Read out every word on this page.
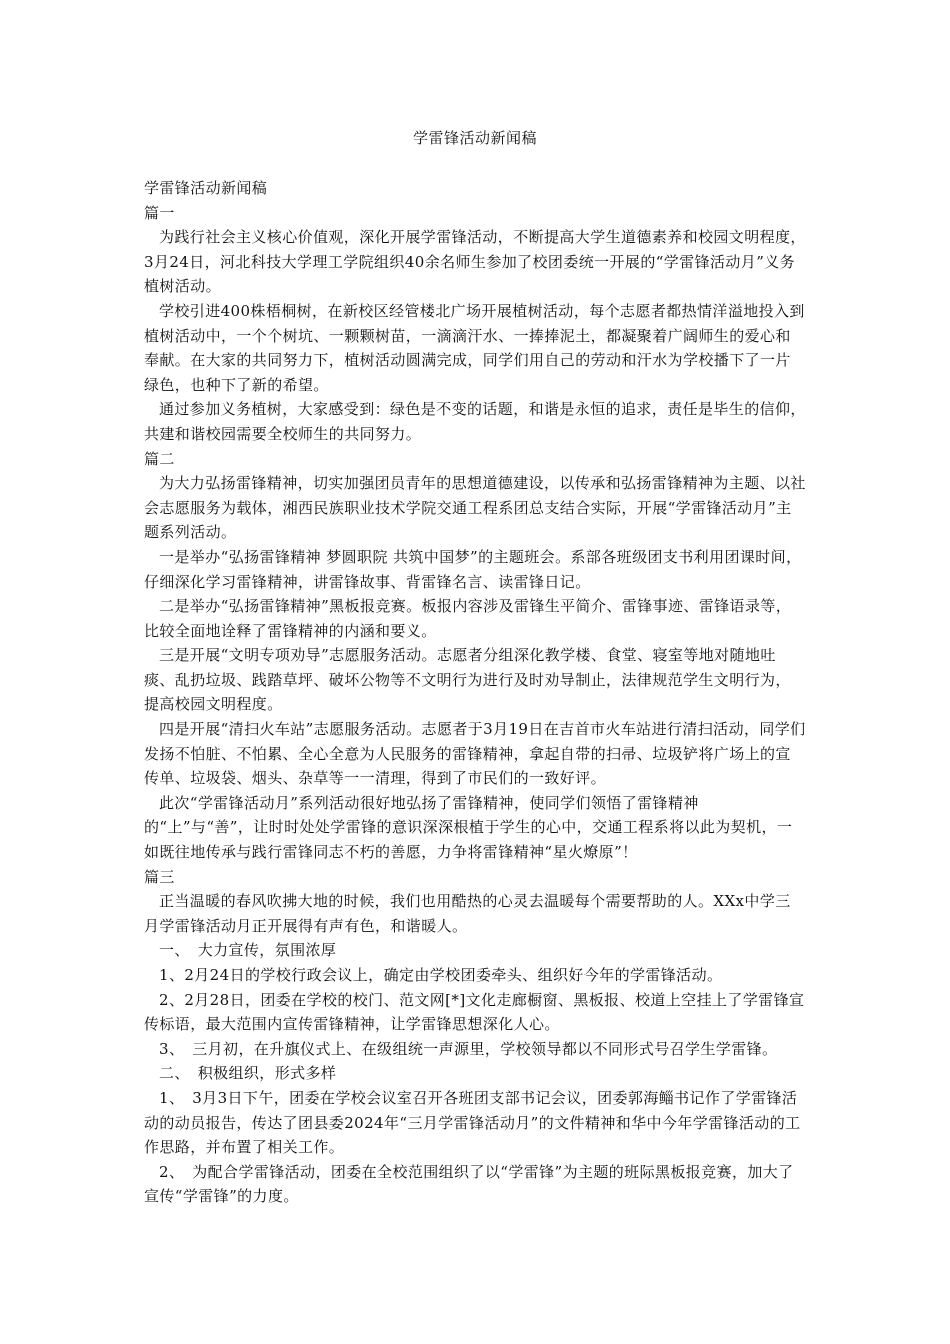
学雷锋活动新闻稿

学雷锋活动新闻稿

篇一

为践行社会主义核心价值观，深化开展学雷锋活动，不断提高大学生道德素养和校园文明程度，3月24日，河北科技大学理工学院组织40余名师生参加了校团委统一开展的“学雷锋活动月”义务植树活动。

学校引进400株梧桐树，在新校区经管楼北广场开展植树活动，每个志愿者都热情洋溢地投入到植树活动中，一个个树坑、一颗颗树苗，一滴滴汗水、一捧捧泥土，都凝聚着广阔师生的爱心和奉献。在大家的共同努力下，植树活动圆满完成，同学们用自己的劳动和汗水为学校播下了一片绿色，也种下了新的希望。

通过参加义务植树，大家感受到：绿色是不变的话题，和谐是永恒的追求，责任是毕生的信仰，共建和谐校园需要全校师生的共同努力。

篇二

为大力弘扬雷锋精神，切实加强团员青年的思想道德建设，以传承和弘扬雷锋精神为主题、以社会志愿服务为载体，湘西民族职业技术学院交通工程系团总支结合实际，开展“学雷锋活动月”主题系列活动。

一是举办“弘扬雷锋精神 梦圆职院 共筑中国梦”的主题班会。系部各班级团支书利用团课时间，仔细深化学习雷锋精神，讲雷锋故事、背雷锋名言、读雷锋日记。

二是举办“弘扬雷锋精神”黑板报竞赛。板报内容涉及雷锋生平简介、雷锋事迹、雷锋语录等，比较全面地诠释了雷锋精神的内涵和要义。

三是开展“文明专项劝导”志愿服务活动。志愿者分组深化教学楼、食堂、寝室等地对随地吐痰、乱扔垃圾、践踏草坪、破坏公物等不文明行为进行及时劝导制止，法律规范学生文明行为，提高校园文明程度。

四是开展“清扫火车站”志愿服务活动。志愿者于3月19日在吉首市火车站进行清扫活动，同学们发扬不怕脏、不怕累、全心全意为人民服务的雷锋精神，拿起自带的扫帚、垃圾铲将广场上的宣传单、垃圾袋、烟头、杂草等一一清理，得到了市民们的一致好评。

此次“学雷锋活动月”系列活动很好地弘扬了雷锋精神，使同学们领悟了雷锋精神的“上”与“善”，让时时处处学雷锋的意识深深根植于学生的心中，交通工程系将以此为契机，一如既往地传承与践行雷锋同志不朽的善愿，力争将雷锋精神“星火燎原”！

篇三

正当温暖的春风吹拂大地的时候，我们也用酷热的心灵去温暖每个需要帮助的人。XXx中学三月学雷锋活动月正开展得有声有色，和谐暖人。

一、　大力宣传，氛围浓厚

1、2月24日的学校行政会议上，确定由学校团委牵头、组织好今年的学雷锋活动。

2、2月28日，团委在学校的校门、范文网[*]文化走廊橱窗、黑板报、校道上空挂上了学雷锋宣传标语，最大范围内宣传雷锋精神，让学雷锋思想深化人心。

3、　三月初，在升旗仪式上、在级组统一声源里，学校领导都以不同形式号召学生学雷锋。

二、　积极组织，形式多样

1、　3月3日下午，团委在学校会议室召开各班团支部书记会议，团委郭海鲻书记作了学雷锋活动的动员报告，传达了团县委2024年“三月学雷锋活动月”的文件精神和华中今年学雷锋活动的工作思路，并布置了相关工作。

2、　为配合学雷锋活动，团委在全校范围组织了以“学雷锋”为主题的班际黑板报竞赛，加大了宣传“学雷锋”的力度。
